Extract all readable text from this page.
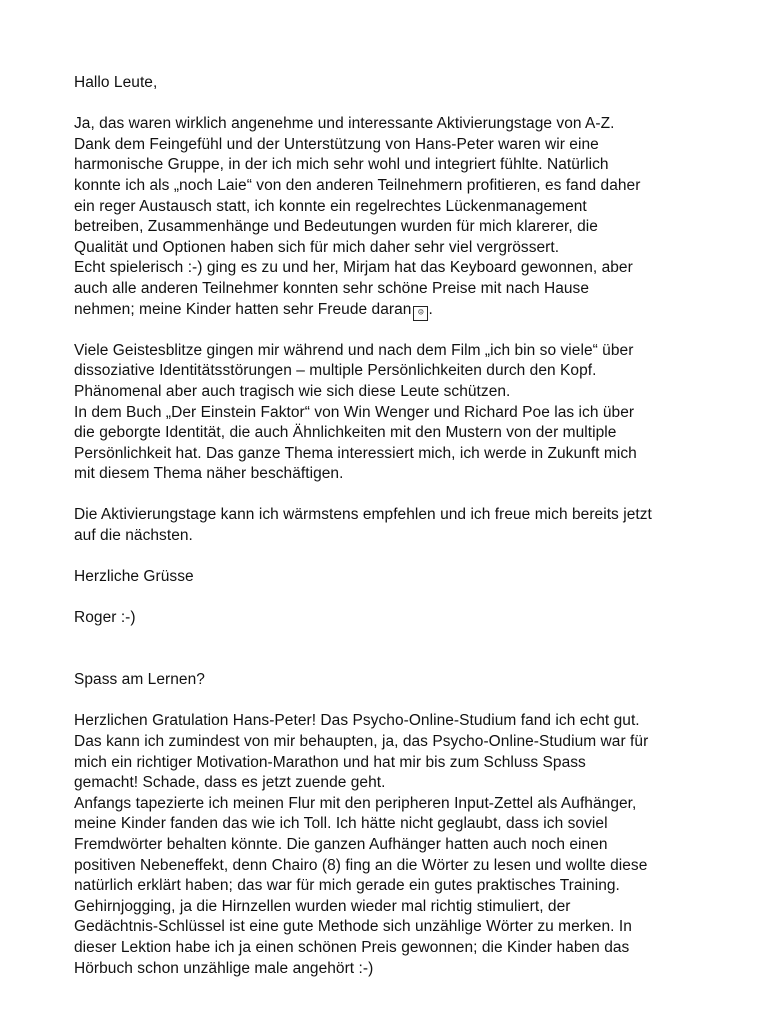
Hallo Leute,
Ja, das waren wirklich angenehme und interessante Aktivierungstage von A-Z.
Dank dem Feingefühl und der Unterstützung von Hans-Peter waren wir eine
harmonische Gruppe, in der ich mich sehr wohl und integriert fühlte. Natürlich
konnte ich als „noch Laie“ von den anderen Teilnehmern profitieren, es fand daher
ein reger Austausch statt, ich konnte ein regelrechtes Lückenmanagement
betreiben, Zusammenhänge und Bedeutungen wurden für mich klarerer, die
Qualität und Optionen haben sich für mich daher sehr viel vergrössert.
Echt spielerisch :-) ging es zu und her, Mirjam hat das Keyboard gewonnen, aber
auch alle anderen Teilnehmer konnten sehr schöne Preise mit nach Hause
nehmen; meine Kinder hatten sehr Freude daran ☺ .
Viele Geistesblitze gingen mir während und nach dem Film „ich bin so viele“ über
dissoziative Identitätsstörungen – multiple Persönlichkeiten durch den Kopf.
Phänomenal aber auch tragisch wie sich diese Leute schützen.
In dem Buch „Der Einstein Faktor“ von Win Wenger und Richard Poe las ich über
die geborgte Identität, die auch Ähnlichkeiten mit den Mustern von der multiple
Persönlichkeit hat. Das ganze Thema interessiert mich, ich werde in Zukunft mich
mit diesem Thema näher beschäftigen.
Die Aktivierungstage kann ich wärmstens empfehlen und ich freue mich bereits jetzt
auf die nächsten.
Herzliche Grüsse
Roger :-)
Spass am Lernen?
Herzlichen Gratulation Hans-Peter! Das Psycho-Online-Studium fand ich echt gut.
Das kann ich zumindest von mir behaupten, ja, das Psycho-Online-Studium war für
mich ein richtiger Motivation-Marathon und hat mir bis zum Schluss Spass
gemacht! Schade, dass es jetzt zuende geht.
Anfangs tapezierte ich meinen Flur mit den peripheren Input-Zettel als Aufhänger,
meine Kinder fanden das wie ich Toll. Ich hätte nicht geglaubt, dass ich soviel
Fremdwörter behalten könnte. Die ganzen Aufhänger hatten auch noch einen
positiven Nebeneffekt, denn Chairo (8) fing an die Wörter zu lesen und wollte diese
natürlich erklärt haben; das war für mich gerade ein gutes praktisches Training.
Gehirnjogging, ja die Hirnzellen wurden wieder mal richtig stimuliert, der
Gedächtnis-Schlüssel ist eine gute Methode sich unzählige Wörter zu merken. In
dieser Lektion habe ich ja einen schönen Preis gewonnen; die Kinder haben das
Hörbuch schon unzählige male angehört :-)
